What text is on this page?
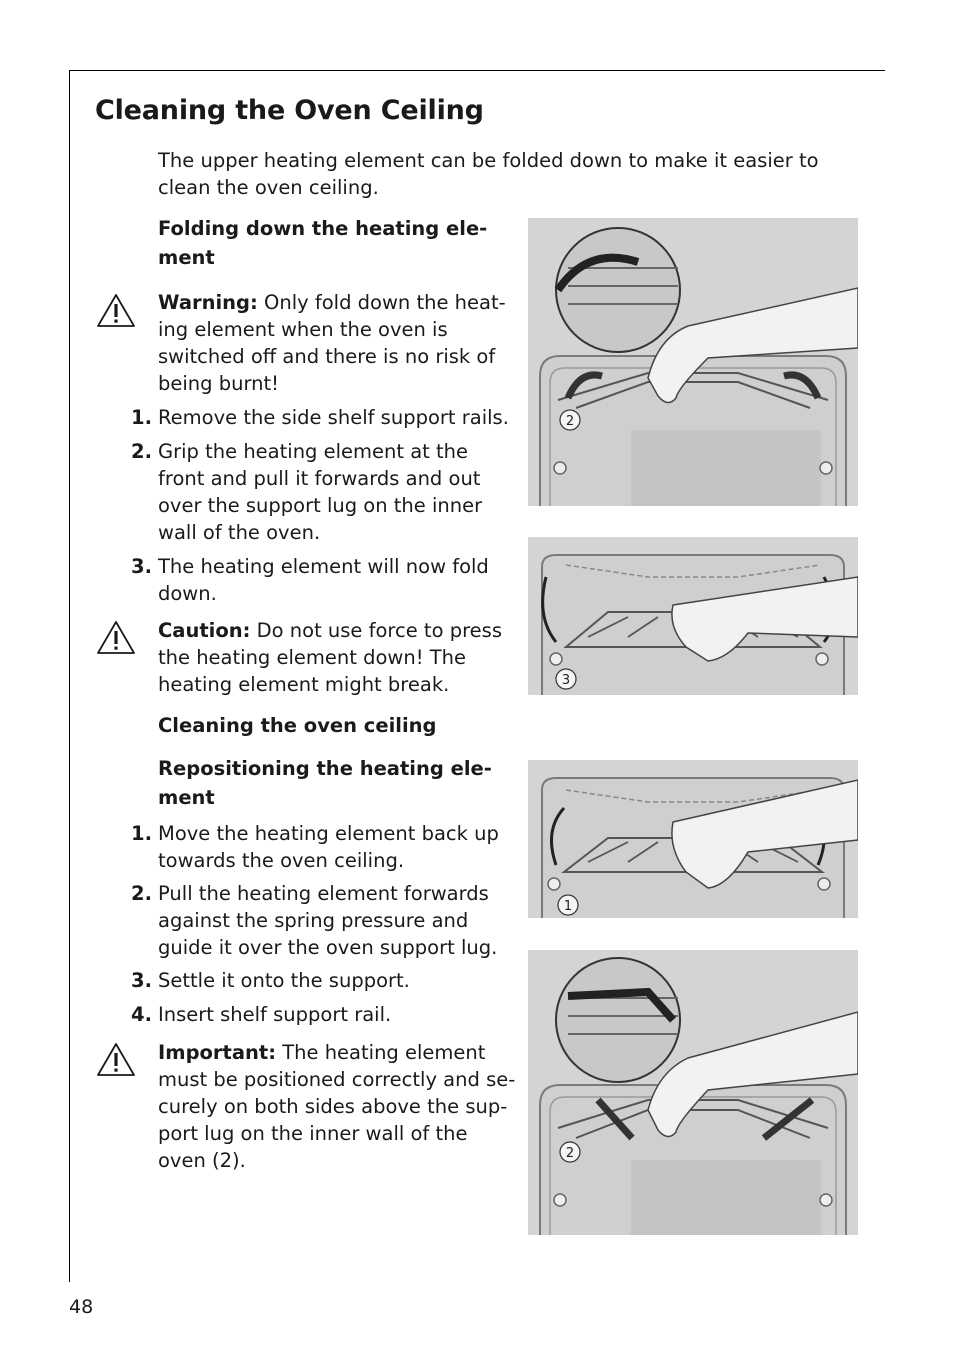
Cleaning the Oven Ceiling
The upper heating element can be folded down to make it easier to
clean the oven ceiling.
Folding down the heating ele-
ment
Warning: Only fold down the heat-
ing element when the oven is
switched off and there is no risk of
being burnt!
1. Remove the side shelf support rails.
2. Grip the heating element at the
front and pull it forwards and out
over the support lug on the inner
wall of the oven.
3. The heating element will now fold
down.
Caution: Do not use force to press
the heating element down! The
heating element might break.
Cleaning the oven ceiling
Repositioning the heating ele-
ment
1. Move the heating element back up
towards the oven ceiling.
2. Pull the heating element forwards
against the spring pressure and
guide it over the oven support lug.
3. Settle it onto the support.
4. Insert shelf support rail.
Important: The heating element
must be positioned correctly and se-
curely on both sides above the sup-
port lug on the inner wall of the
oven (2).
2
3
1
2
48
